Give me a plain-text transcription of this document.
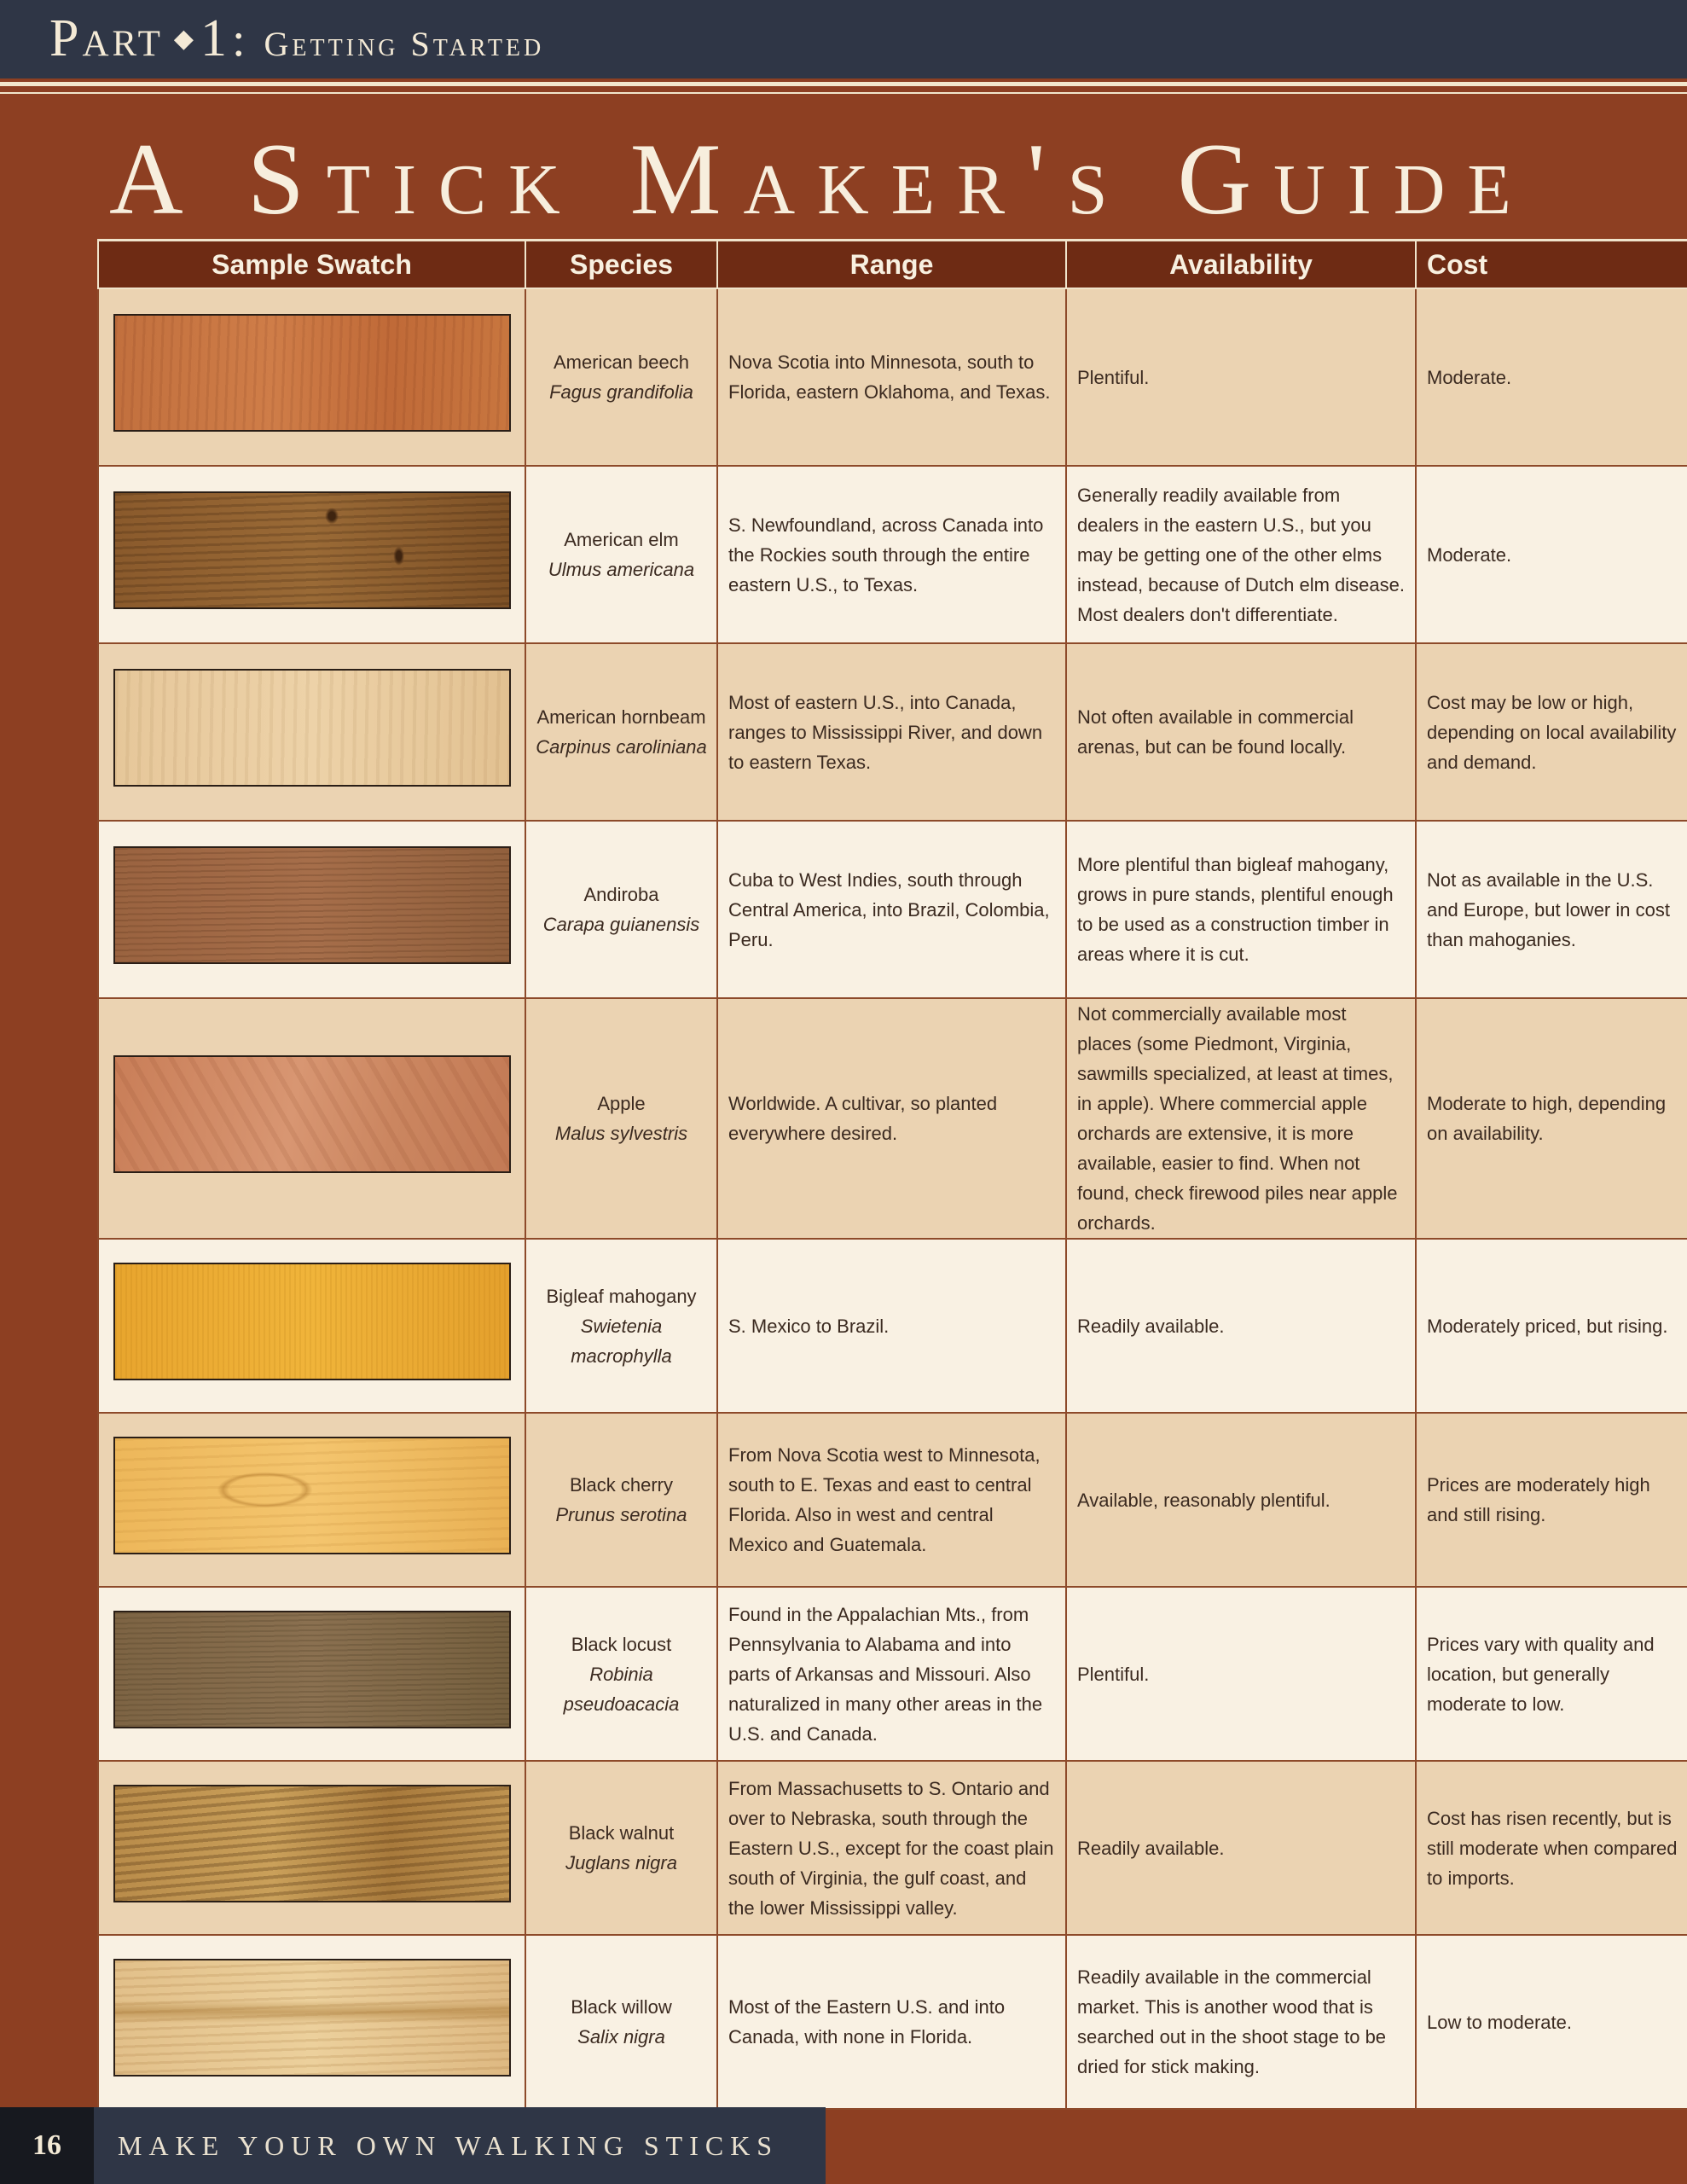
Part ◆ 1 : Getting Started
A Stick Maker's Guide
Sample Swatch	Species	Range	Availability	Cost

	American beech
Fagus grandifolia	Nova Scotia into Minnesota, south to Florida, eastern Oklahoma, and Texas.	Plentiful.	Moderate.

	American elm
Ulmus americana	S. Newfoundland, across Canada into the Rockies south through the entire eastern U.S., to Texas.	Generally readily available from dealers in the eastern U.S., but you may be getting one of the other elms instead, because of Dutch elm disease. Most dealers don't differentiate.	Moderate.

	American hornbeam
Carpinus caroliniana	Most of eastern U.S., into Canada, ranges to Mississippi River, and down to eastern Texas.	Not often available in commercial arenas, but can be found locally.	Cost may be low or high, depending on local availability and demand.

	Andiroba
Carapa guianensis	Cuba to West Indies, south through Central America, into Brazil, Colombia, Peru.	More plentiful than bigleaf mahogany, grows in pure stands, plentiful enough to be used as a construction timber in areas where it is cut.	Not as available in the U.S. and Europe, but lower in cost than mahoganies.

	Apple
Malus sylvestris	Worldwide. A cultivar, so planted everywhere desired.	Not commercially available most places (some Piedmont, Virginia, sawmills specialized, at least at times, in apple). Where commercial apple orchards are extensive, it is more available, easier to find. When not found, check firewood piles near apple orchards.	Moderate to high, depending on availability.

	Bigleaf mahogany
Swietenia macrophylla	S. Mexico to Brazil.	Readily available.	Moderately priced, but rising.

	Black cherry
Prunus serotina	From Nova Scotia west to Minnesota, south to E. Texas and east to central Florida. Also in west and central Mexico and Guatemala.	Available, reasonably plentiful.	Prices are moderately high and still rising.

	Black locust
Robinia pseudoacacia	Found in the Appalachian Mts., from Pennsylvania to Alabama and into parts of Arkansas and Missouri. Also naturalized in many other areas in the U.S. and Canada.	Plentiful.	Prices vary with quality and location, but generally moderate to low.

	Black walnut
Juglans nigra	From Massachusetts to S. Ontario and over to Nebraska, south through the Eastern U.S., except for the coast plain south of Virginia, the gulf coast, and the lower Mississippi valley.	Readily available.	Cost has risen recently, but is still moderate when compared to imports.

	Black willow
Salix nigra	Most of the Eastern U.S. and into Canada, with none in Florida.	Readily available in the commercial market. This is another wood that is searched out in the shoot stage to be dried for stick making.	Low to moderate.
16	MAKE YOUR OWN WALKING STICKS
